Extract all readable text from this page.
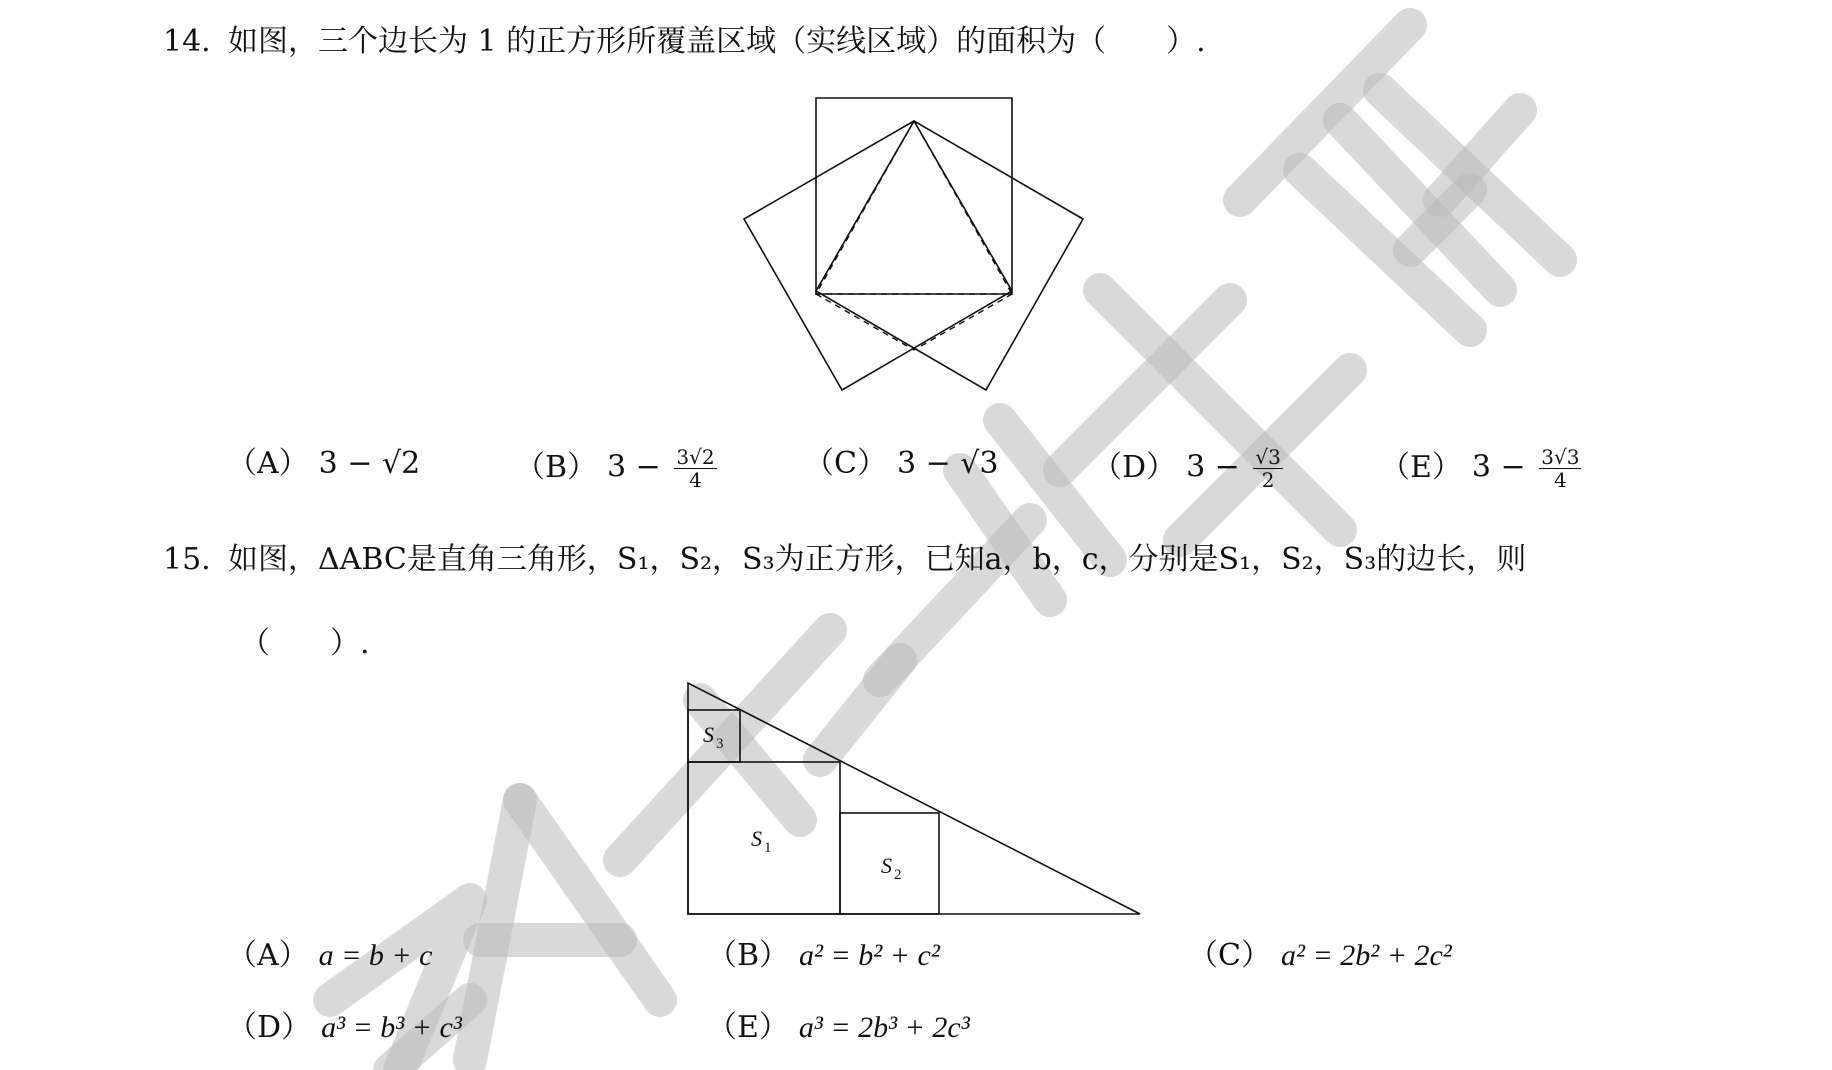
14. 如图，三个边长为 1 的正方形所覆盖区域（实线区域）的面积为（　　）.
（A） 3 − √2	（B） $3 - \frac{3√2}{4}$	（C） 3 − √3	（D） $3 - \frac{√3}{2}$	（E） $3 - \frac{3√3}{4}$
15. 如图，ΔABC是直角三角形，S₁，S₂，S₃为正方形，已知a，b，c，分别是S₁，S₂，S₃的边长，则
（　　）.
S 1
S 2
S 3
（A） a = b + c	（B） a² = b² + c²	（C） a² = 2b² + 2c²
（D） a³ = b³ + c³	（E） a³ = 2b³ + 2c³
